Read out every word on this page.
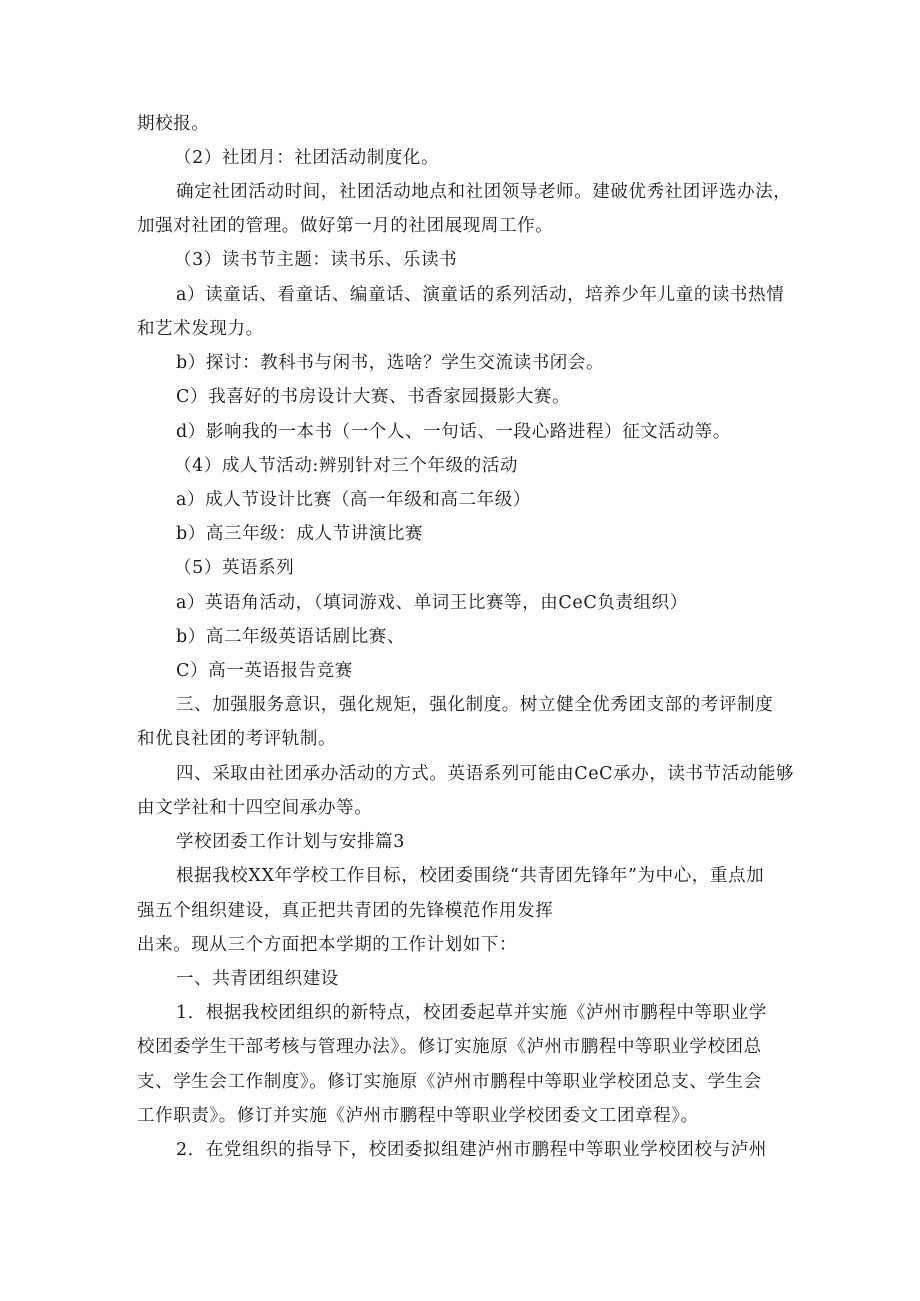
期校报。
（2）社团月：社团活动制度化。
确定社团活动时间，社团活动地点和社团领导老师。建破优秀社团评选办法，
加强对社团的管理。做好第一月的社团展现周工作。
（3）读书节主题：读书乐、乐读书
a）读童话、看童话、编童话、演童话的系列活动，培养少年儿童的读书热情
和艺术发现力。
b）探讨：教科书与闲书，选啥？学生交流读书闭会。
C）我喜好的书房设计大赛、书香家园摄影大赛。
d）影响我的一本书（一个人、一句话、一段心路进程）征文活动等。
（4）成人节活动:辨别针对三个年级的活动
a）成人节设计比赛（高一年级和高二年级）
b）高三年级：成人节讲演比赛
（5）英语系列
a）英语角活动，（填词游戏、单词王比赛等，由CeC负责组织）
b）高二年级英语话剧比赛、
C）高一英语报告竞赛
三、加强服务意识，强化规矩，强化制度。树立健全优秀团支部的考评制度
和优良社团的考评轨制。
四、采取由社团承办活动的方式。英语系列可能由CeC承办，读书节活动能够
由文学社和十四空间承办等。
学校团委工作计划与安排篇3
根据我校XX年学校工作目标，校团委围绕“共青团先锋年”为中心，重点加
强五个组织建设，真正把共青团的先锋模范作用发挥
出来。现从三个方面把本学期的工作计划如下：
一、共青团组织建设
1．根据我校团组织的新特点，校团委起草并实施《泸州市鹏程中等职业学
校团委学生干部考核与管理办法》。修订实施原《泸州市鹏程中等职业学校团总
支、学生会工作制度》。修订实施原《泸州市鹏程中等职业学校团总支、学生会
工作职责》。修订并实施《泸州市鹏程中等职业学校团委文工团章程》。
2．在党组织的指导下，校团委拟组建泸州市鹏程中等职业学校团校与泸州
